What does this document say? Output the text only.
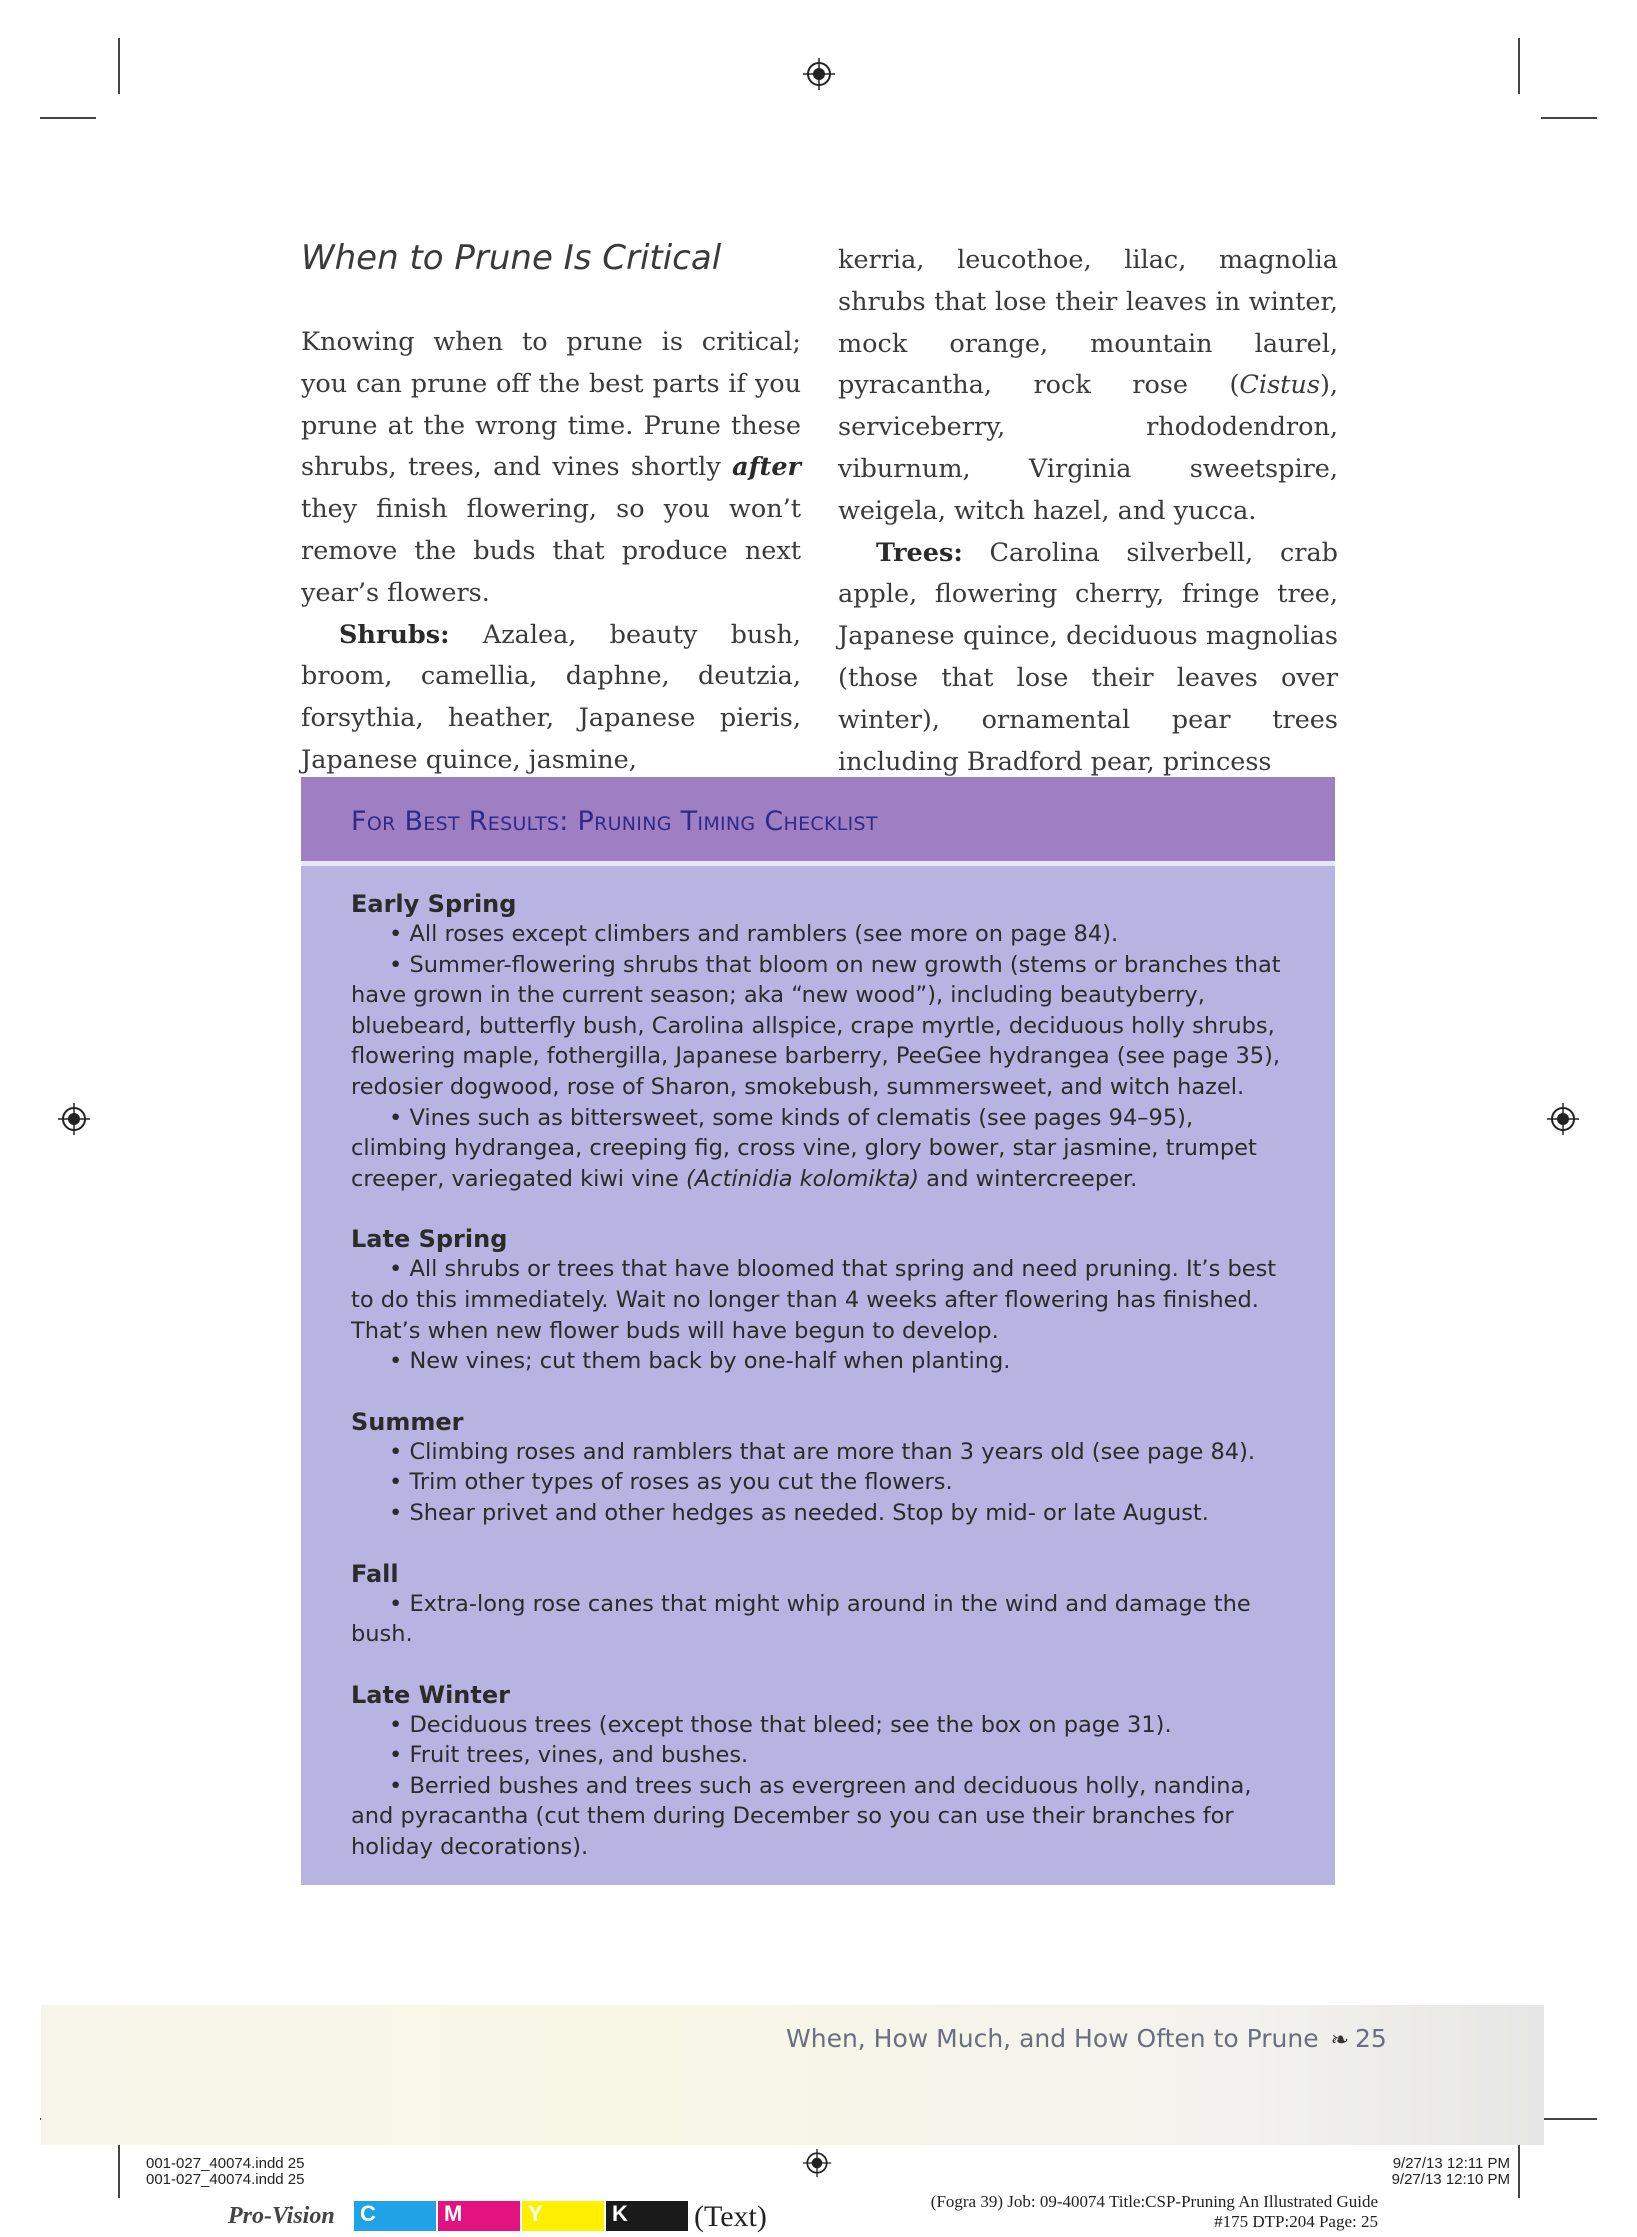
When to Prune Is Critical

Knowing when to prune is critical; you can prune off the best parts if you prune at the wrong time. Prune these shrubs, trees, and vines shortly after they finish flowering, so you won’t remove the buds that produce next year’s flowers.

Shrubs: Azalea, beauty bush, broom, camellia, daphne, deutzia, forsythia, heather, Japanese pieris, Japanese quince, jasmine,

kerria, leucothoe, lilac, magnolia shrubs that lose their leaves in winter, mock orange, mountain laurel, pyracantha, rock rose (Cistus), serviceberry, rhododendron, viburnum, Virginia sweetspire, weigela, witch hazel, and yucca.

Trees: Carolina silverbell, crab apple, flowering cherry, fringe tree, Japanese quince, deciduous magnolias (those that lose their leaves over winter), ornamental pear trees including Bradford pear, princess

For Best Results: Pruning Timing Checklist

Early Spring

• All roses except climbers and ramblers (see more on page 84).

• Summer-flowering shrubs that bloom on new growth (stems or branches that have grown in the current season; aka “new wood”), including beautyberry, bluebeard, butterfly bush, Carolina allspice, crape myrtle, deciduous holly shrubs, flowering maple, fothergilla, Japanese barberry, PeeGee hydrangea (see page 35), redosier dogwood, rose of Sharon, smokebush, summersweet, and witch hazel.

• Vines such as bittersweet, some kinds of clematis (see pages 94–95), climbing hydrangea, creeping fig, cross vine, glory bower, star jasmine, trumpet creeper, variegated kiwi vine (Actinidia kolomikta) and wintercreeper.

Late Spring

• All shrubs or trees that have bloomed that spring and need pruning. It’s best to do this immediately. Wait no longer than 4 weeks after flowering has finished. That’s when new flower buds will have begun to develop.

• New vines; cut them back by one-half when planting.

Summer

• Climbing roses and ramblers that are more than 3 years old (see page 84).

• Trim other types of roses as you cut the flowers.

• Shear privet and other hedges as needed. Stop by mid- or late August.

Fall

• Extra-long rose canes that might whip around in the wind and damage the bush.

Late Winter

• Deciduous trees (except those that bleed; see the box on page 31).

• Fruit trees, vines, and bushes.

• Berried bushes and trees such as evergreen and deciduous holly, nandina, and pyracantha (cut them during December so you can use their branches for holiday decorations).

When, How Much, and How Often to Prune ❧ 25

001-027_40074.indd 25

001-027_40074.indd 25

9/27/13 12:11 PM

9/27/13 12:10 PM

Pro-Vision C	M	Y	K	(Text)	(Fogra 39) Job: 09-40074 Title:CSP-Pruning An Illustrated Guide

#175 DTP:204 Page: 25
